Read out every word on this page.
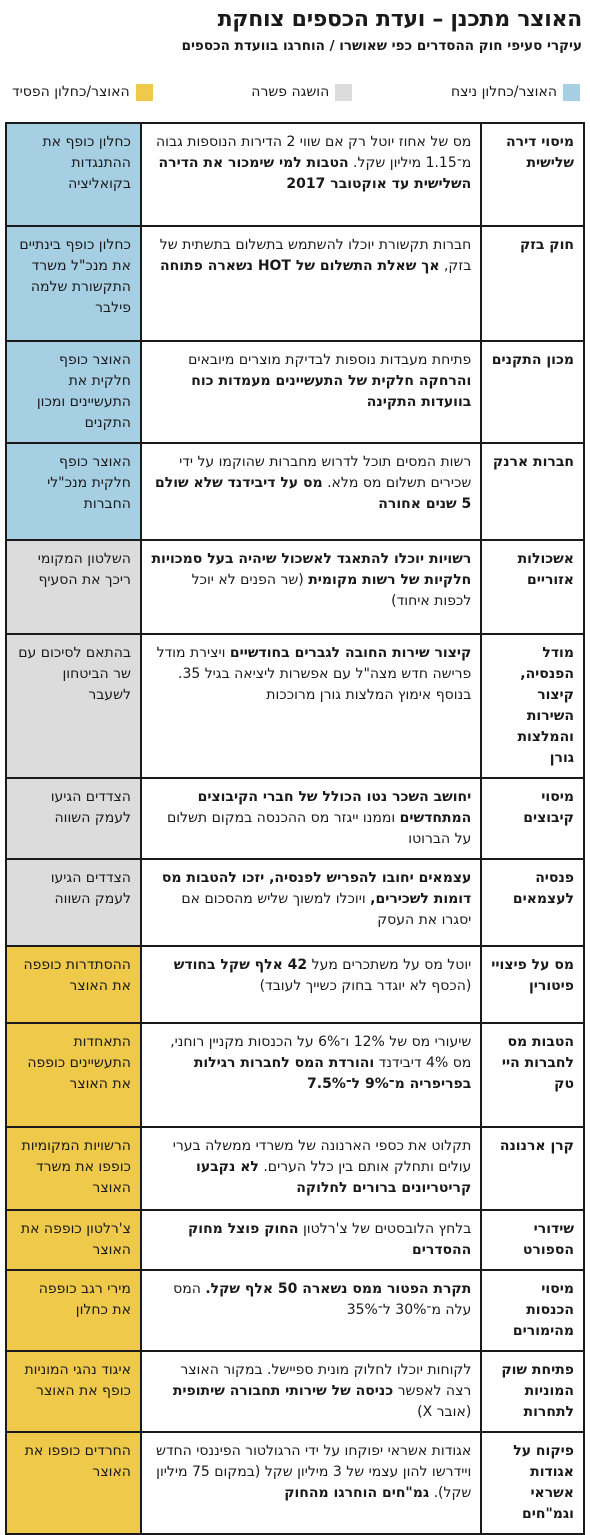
האוצר מתכנן – ועדת הכספים צוחקת

עיקרי סעיפי חוק ההסדרים כפי שאושרו / הוחרגו בוועדת הכספים

האוצר/כחלון ניצח
הושגה פשרה
האוצר/כחלון הפסיד
מיסוי דירה שלישית	מס של אחוז יוטל רק אם שווי 2 הדירות הנוספות גבוה מ־1.15 מיליון שקל. הטבות למי שימכור את הדירה השלישית עד אוקטובר 2017	כחלון כופף את ההתנגדות בקואליציה
חוק בזק	חברות תקשורת יוכלו להשתמש בתשלום בתשתית של בזק, אך שאלת התשלום של HOT נשארה פתוחה	כחלון כופף בינתיים את מנכ"ל משרד התקשורת שלמה פילבר
מכון התקנים	פתיחת מעבדות נוספות לבדיקת מוצרים מיובאים והרחקה חלקית של התעשיינים מעמדות כוח בוועדות התקינה	האוצר כופף חלקית את התעשיינים ומכון התקנים
חברות ארנק	רשות המסים תוכל לדרוש מחברות שהוקמו על ידי שכירים תשלום מס מלא. מס על דיבידנד שלא שולם 5 שנים אחורה	האוצר כופף חלקית מנכ"לי החברות
אשכולות אזוריים	רשויות יוכלו להתאגד לאשכול שיהיה בעל סמכויות חלקיות של רשות מקומית (שר הפנים לא יוכל לכפות איחוד)	השלטון המקומי ריכך את הסעיף
מודל הפנסיה, קיצור השירות והמלצות גורן	קיצור שירות החובה לגברים בחודשיים ויצירת מודל פרישה חדש מצה"ל עם אפשרות ליציאה בגיל 35. בנוסף אימוץ המלצות גורן מרוככות	בהתאם לסיכום עם שר הביטחון לשעבר
מיסוי קיבוצים	יחושב השכר נטו הכולל של חברי הקיבוצים המתחדשים וממנו ייגזר מס ההכנסה במקום תשלום על הברוטו	הצדדים הגיעו לעמק השווה
פנסיה לעצמאים	עצמאים יחובו להפריש לפנסיה, יזכו להטבות מס דומות לשכירים, ויוכלו למשוך שליש מהסכום אם יסגרו את העסק	הצדדים הגיעו לעמק השווה
מס על פיצויי פיטורין	יוטל מס על משתכרים מעל 42 אלף שקל בחודש (הכסף לא יוגדר בחוק כשייך לעובד)	ההסתדרות כופפה את האוצר
הטבות מס לחברות היי טק	שיעורי מס של 12% ו־6% על הכנסות מקניין רוחני, מס 4% דיבידנד והורדת המס לחברות רגילות בפריפריה מ־9% ל־7.5%	התאחדות התעשיינים כופפה את האוצר
קרן ארנונה	תקלוט את כספי הארנונה של משרדי ממשלה בערי עולים ותחלק אותם בין כלל הערים. לא נקבעו קריטריונים ברורים לחלוקה	הרשויות המקומיות כופפו את משרד האוצר
שידורי הספורט	בלחץ הלובסטים של צ'רלטון החוק פוצל מחוק ההסדרים	צ'רלטון כופפה את האוצר
מיסוי הכנסות מהימורים	תקרת הפטור ממס נשארה 50 אלף שקל. המס עלה מ־30% ל־35%	מירי רגב כופפה את כחלון
פתיחת שוק המוניות לתחרות	לקוחות יוכלו לחלוק מונית ספיישל. במקור האוצר רצה לאפשר כניסה של שירותי תחבורה שיתופית (אובר X)	איגוד נהגי המוניות כופף את האוצר
פיקוח על אגודות אשראי וגמ"חים	אגודות אשראי יפוקחו על ידי הרגולטור הפיננסי החדש ויידרשו להון עצמי של 3 מיליון שקל (במקום 75 מיליון שקל). גמ"חים הוחרגו מהחוק	החרדים כופפו את האוצר
